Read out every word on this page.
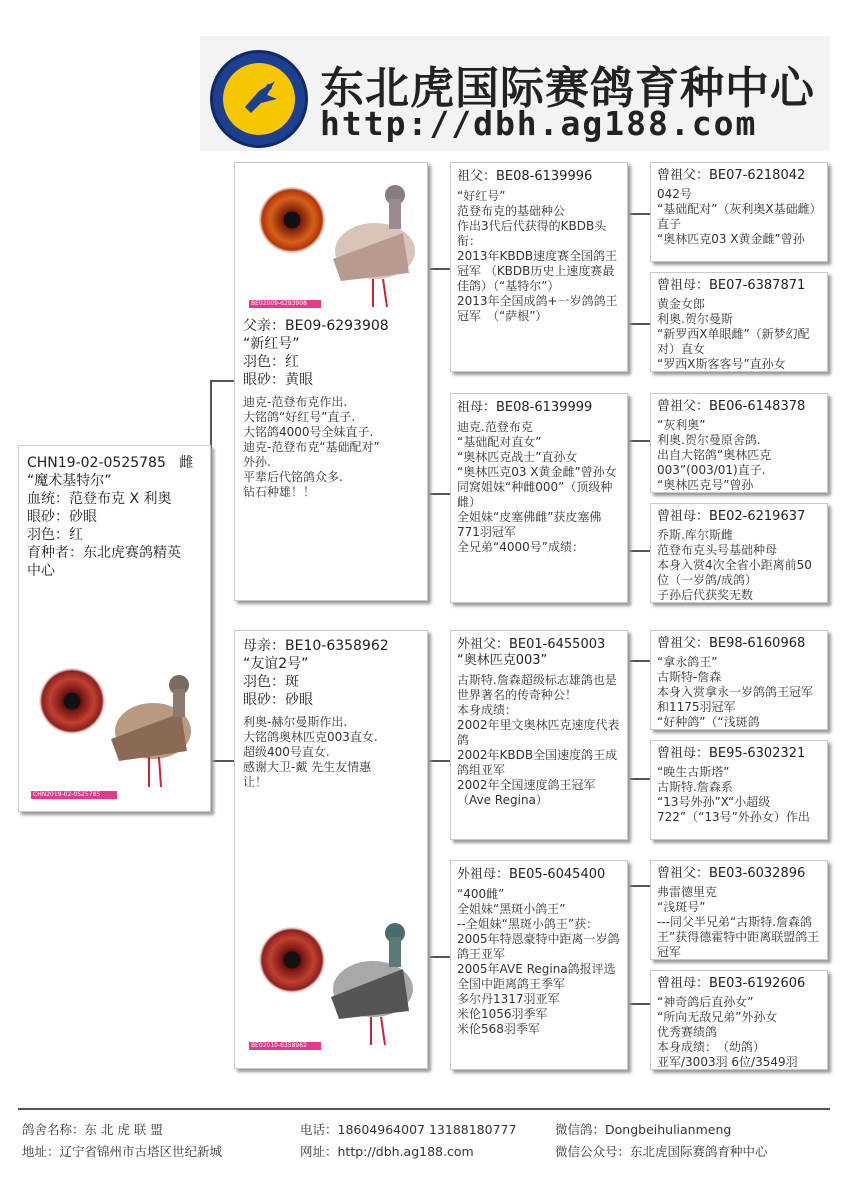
东北虎国际赛鸽育种中心
http://dbh.ag188.com
CHN19-02-0525785 雌
“魔术基特尔”
血统：范登布克 X 利奥
眼砂：砂眼
羽色：红
育种者：东北虎赛鸽精英
中心
CHN2019-02-0525785
BE02009-6293908
父亲：BE09-6293908
“新红号”
羽色：红
眼砂：黄眼
迪克-范登布克作出.
大铭鸽“好红号”直子.
大铭鸽4000号全妹直子.
迪克-范登布克“基础配对”
外孙.
平辈后代铭鸽众多.
钻石种雄！！
母亲：BE10-6358962
“友谊2号”
羽色：斑
眼砂：砂眼
利奥-赫尔曼斯作出.
大铭鸽奥林匹克003直女.
超级400号直女.
感谢大卫-戴 先生友情惠
让！
BE02010-6358962
祖父：BE08-6139996
“好红号”
范登布克的基础种公
作出3代后代获得的KBDB头衔：
2013年KBDB速度赛全国鸽王冠军 （KBDB历史上速度赛最佳鸽）（“基特尔”）
2013年全国成鸽+一岁鸽鸽王冠军　（“萨根”）
祖母：BE08-6139999
迪克.范登布克
“基础配对直女”
“奥林匹克战士”直孙女
“奥林匹克03 X黄金雌”曾孙女
同窝姐妹“种雌000”（顶级种雌）
全姐妹“皮塞佛雌”获皮塞佛771羽冠军
全兄弟“4000号”成绩：
外祖父：BE01-6455003
“奥林匹克003”
古斯特.詹森超级标志雄鸽也是世界著名的传奇种公！
本身成绩：
2002年里文奥林匹克速度代表鸽
2002年KBDB全国速度鸽王成鸽组亚军
2002年全国速度鸽王冠军（Ave Regina）
外祖母：BE05-6045400
“400雌”
全姐妹“黑斑小鸽王”
--全姐妹“黑斑小鸽王”获：2005年特恩豪特中距离一岁鸽鸽王亚军
2005年AVE Regina鸽报评选全国中距离鸽王季军
多尔丹1317羽亚军
米伦1056羽季军
米伦568羽季军
曾祖父：BE07-6218042
042号
“基础配对”（灰利奥X基础雌）直子
“奥林匹克03 X黄金雌”曾孙
曾祖母：BE07-6387871
黄金女郎
利奥.贺尔曼斯
“新罗西X单眼雌”（新梦幻配对）直女
“罗西X斯客客号”直孙女
曾祖父：BE06-6148378
“灰利奥”
利奥.贺尔曼原舍鸽.
出自大铭鸽“奥林匹克003”(003/01)直子.
“奥林匹克号”曾孙
曾祖母：BE02-6219637
乔斯.库尔斯雌
范登布克头号基础种母
本身入赏4次全省小距离前50位（一岁鸽/成鸽）
子孙后代获奖无数
曾祖父：BE98-6160968
“拿永鸽王”
古斯特-詹森
本身入赏拿永一岁鸽鸽王冠军和1175羽冠军
“好种鸽”（“浅斑鸽
曾祖母：BE95-6302321
“晚生古斯塔”
古斯特.詹森系
“13号外孙”X“小超级722”（“13号”外孙女）作出
曾祖父：BE03-6032896
弗雷德里克
“浅斑号”
---同父半兄弟“古斯特.詹森鸽王”获得德霍特中距离联盟鸽王冠军
曾祖母：BE03-6192606
“神奇鸽后直孙女”
“所向无敌兄弟”外孙女
优秀赛绩鸽
本身成绩：　（幼鸽）
亚军/3003羽 6位/3549羽
鸽舍名称：东 北 虎 联 盟
地址：辽宁省锦州市古塔区世纪新城
电话：18604964007 13188180777
网址：http://dbh.ag188.com
微信鸽：Dongbeihulianmeng
微信公众号：东北虎国际赛鸽育种中心
